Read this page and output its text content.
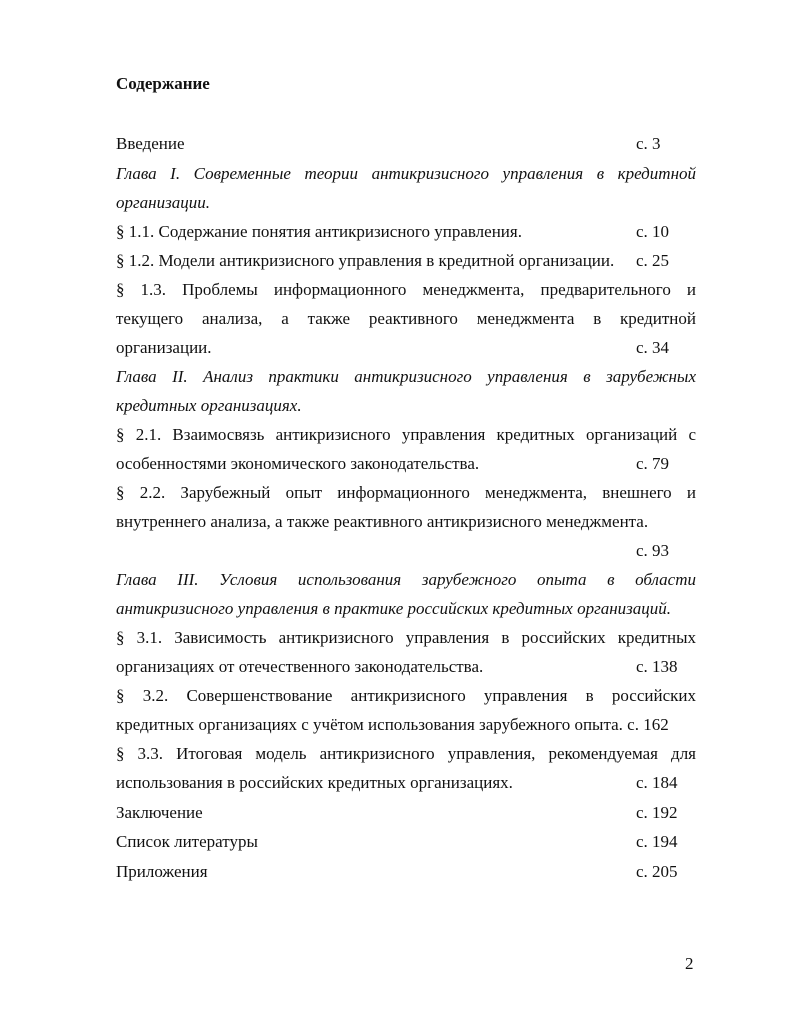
Содержание
Введение	с. 3
Глава I. Современные теории антикризисного управления в кредитной
организации.
§ 1.1. Содержание понятия антикризисного управления.	с. 10
§ 1.2. Модели антикризисного управления в кредитной организации.	с. 25
§ 1.3. Проблемы информационного менеджмента, предварительного и
текущего анализа, а также реактивного менеджмента в кредитной
организации.	с. 34
Глава II. Анализ практики антикризисного управления в зарубежных
кредитных организациях.
§ 2.1. Взаимосвязь антикризисного управления кредитных организаций с
особенностями экономического законодательства.	с. 79
§ 2.2. Зарубежный опыт информационного менеджмента, внешнего и
внутреннего анализа, а также реактивного антикризисного менеджмента.
с. 93
Глава III. Условия использования зарубежного опыта в области
антикризисного управления в практике российских кредитных организаций.
§ 3.1. Зависимость антикризисного управления в российских кредитных
организациях от отечественного законодательства.	с. 138
§ 3.2. Совершенствование антикризисного управления в российских
кредитных организациях с учётом использования зарубежного опыта. с. 162
§ 3.3. Итоговая модель антикризисного управления, рекомендуемая для
использования в российских кредитных организациях.	с. 184
Заключение	с. 192
Список литературы	с. 194
Приложения	с. 205
2
